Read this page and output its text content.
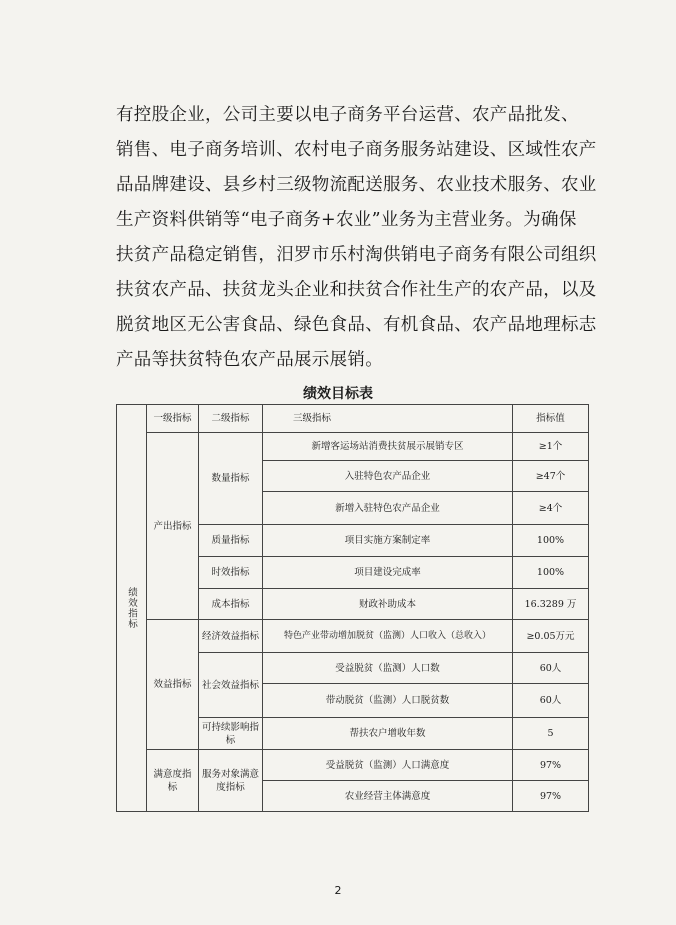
有控股企业，公司主要以电子商务平台运营、农产品批发、

销售、电子商务培训、农村电子商务服务站建设、区域性农产

品品牌建设、县乡村三级物流配送服务、农业技术服务、农业

生产资料供销等“电子商务+农业”业务为主营业务。为确保

扶贫产品稳定销售，汨罗市乐村淘供销电子商务有限公司组织

扶贫农产品、扶贫龙头企业和扶贫合作社生产的农产品，以及

脱贫地区无公害食品、绿色食品、有机食品、农产品地理标志

产品等扶贫特色农产品展示展销。

绩效目标表
绩效指标	一级指标	二级指标	三级指标	指标值
	产出指标	数量指标	新增客运场站消费扶贫展示展销专区	≥1个
			入驻特色农产品企业	≥47个
			新增入驻特色农产品企业	≥4个
		质量指标	项目实施方案制定率	100%
		时效指标	项目建设完成率	100%
		成本指标	财政补助成本	16.3289 万
	效益指标	经济效益指标	特色产业带动增加脱贫（监测）人口收入（总收入）	≥0.05万元
		社会效益指标	受益脱贫（监测）人口数	60人
			带动脱贫（监测）人口脱贫数	60人
		可持续影响指标	帮扶农户增收年数	5
	满意度指标	服务对象满意度指标	受益脱贫（监测）人口满意度	97%
			农业经营主体满意度	97%
2
